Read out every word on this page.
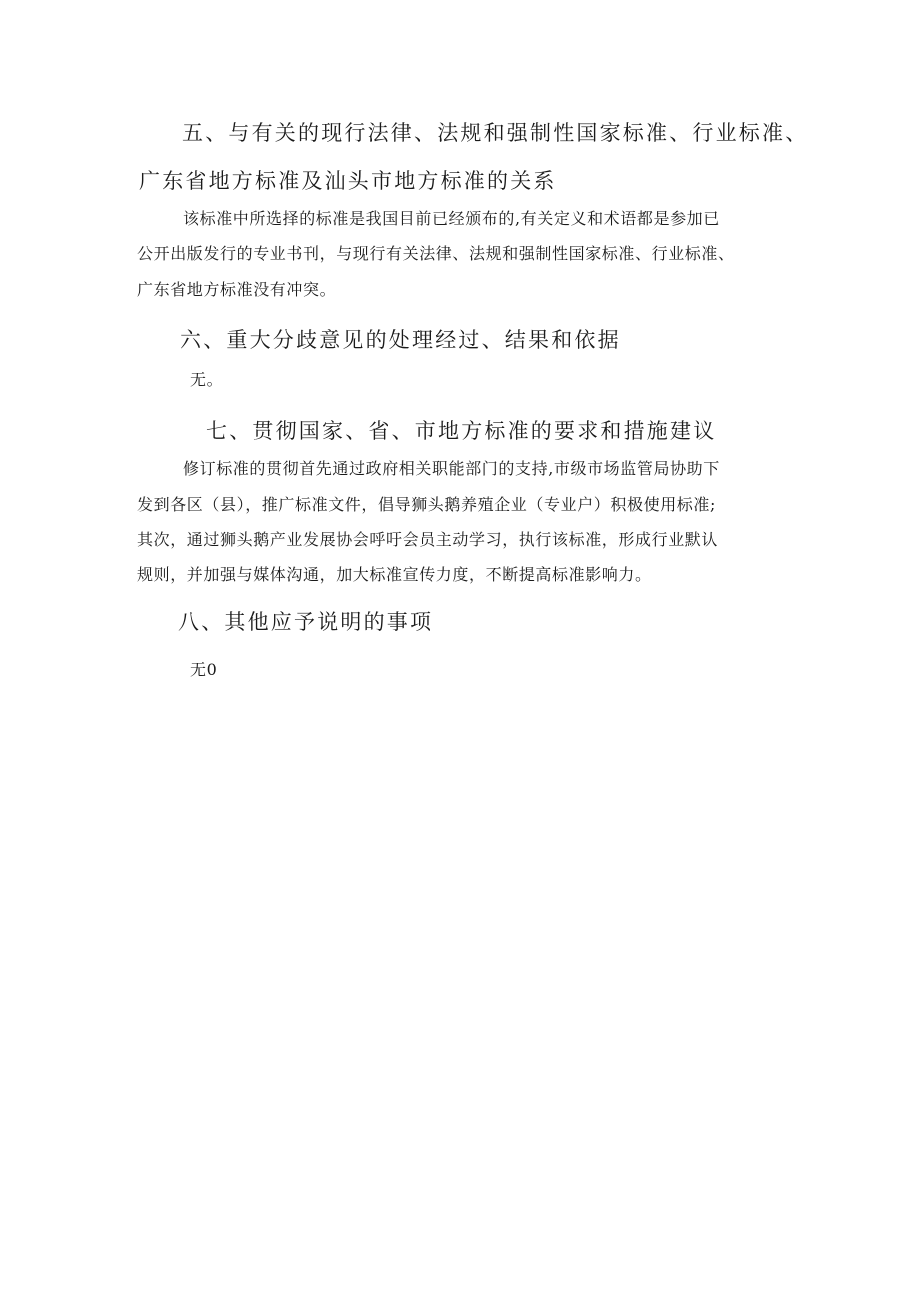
五、与有关的现行法律、法规和强制性国家标准、行业标准、
广东省地方标准及汕头市地方标准的关系
该标准中所选择的标准是我国目前已经颁布的,有关定义和术语都是参加已
公开出版发行的专业书刊，与现行有关法律、法规和强制性国家标准、行业标准、
广东省地方标准没有冲突。
六、重大分歧意见的处理经过、结果和依据
无。
七、贯彻国家、省、市地方标准的要求和措施建议
修订标准的贯彻首先通过政府相关职能部门的支持,市级市场监管局协助下
发到各区（县），推广标准文件，倡导狮头鹅养殖企业（专业户）积极使用标准;
其次，通过狮头鹅产业发展协会呼吁会员主动学习，执行该标准，形成行业默认
规则，并加强与媒体沟通，加大标准宣传力度，不断提高标准影响力。
八、其他应予说明的事项
无0
